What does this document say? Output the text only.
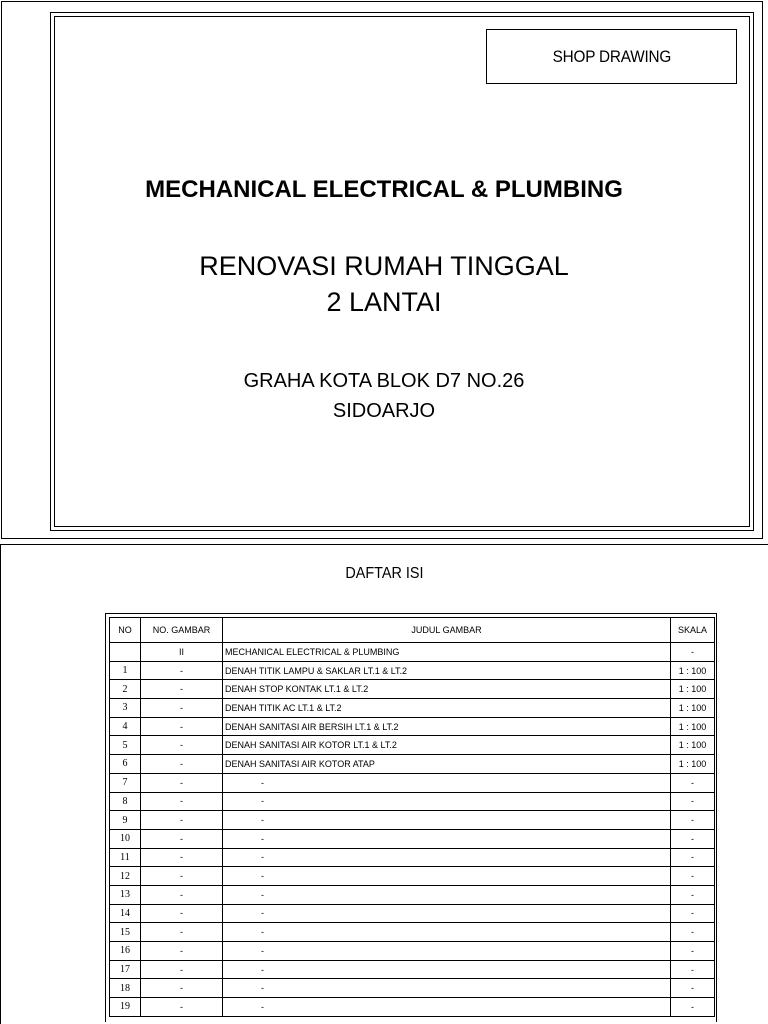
SHOP DRAWING
MECHANICAL ELECTRICAL & PLUMBING
RENOVASI RUMAH TINGGAL
2 LANTAI
GRAHA KOTA BLOK D7 NO.26
SIDOARJO
DAFTAR ISI
NO	NO. GAMBAR	JUDUL GAMBAR	SKALA
	II	MECHANICAL ELECTRICAL & PLUMBING	-
1	-	DENAH TITIK LAMPU & SAKLAR LT.1 & LT.2	1 : 100
2	-	DENAH STOP KONTAK LT.1 & LT.2	1 : 100
3	-	DENAH TITIK AC LT.1 & LT.2	1 : 100
4	-	DENAH SANITASI AIR BERSIH LT.1 & LT.2	1 : 100
5	-	DENAH SANITASI AIR KOTOR LT.1 & LT.2	1 : 100
6	-	DENAH SANITASI AIR KOTOR ATAP	1 : 100
7	-	-	-
8	-	-	-
9	-	-	-
10	-	-	-
11	-	-	-
12	-	-	-
13	-	-	-
14	-	-	-
15	-	-	-
16	-	-	-
17	-	-	-
18	-	-	-
19	-	-	-
